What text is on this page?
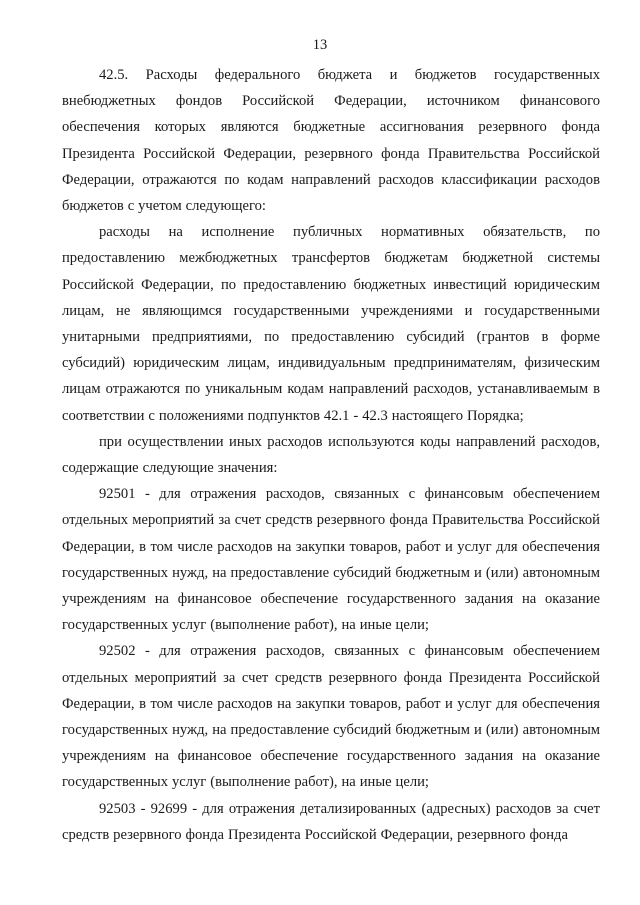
13

42.5. Расходы федерального бюджета и бюджетов государственных внебюджетных фондов Российской Федерации, источником финансового обеспечения которых являются бюджетные ассигнования резервного фонда Президента Российской Федерации, резервного фонда Правительства Российской Федерации, отражаются по кодам направлений расходов классификации расходов бюджетов с учетом следующего:

расходы на исполнение публичных нормативных обязательств, по предоставлению межбюджетных трансфертов бюджетам бюджетной системы Российской Федерации, по предоставлению бюджетных инвестиций юридическим лицам, не являющимся государственными учреждениями и государственными унитарными предприятиями, по предоставлению субсидий (грантов в форме субсидий) юридическим лицам, индивидуальным предпринимателям, физическим лицам отражаются по уникальным кодам направлений расходов, устанавливаемым в соответствии с положениями подпунктов 42.1 - 42.3 настоящего Порядка;

при осуществлении иных расходов используются коды направлений расходов, содержащие следующие значения:

92501 - для отражения расходов, связанных с финансовым обеспечением отдельных мероприятий за счет средств резервного фонда Правительства Российской Федерации, в том числе расходов на закупки товаров, работ и услуг для обеспечения государственных нужд, на предоставление субсидий бюджетным и (или) автономным учреждениям на финансовое обеспечение государственного задания на оказание государственных услуг (выполнение работ), на иные цели;

92502 - для отражения расходов, связанных с финансовым обеспечением отдельных мероприятий за счет средств резервного фонда Президента Российской Федерации, в том числе расходов на закупки товаров, работ и услуг для обеспечения государственных нужд, на предоставление субсидий бюджетным и (или) автономным учреждениям на финансовое обеспечение государственного задания на оказание государственных услуг (выполнение работ), на иные цели;

92503 - 92699 - для отражения детализированных (адресных) расходов за счет средств резервного фонда Президента Российской Федерации, резервного фонда
